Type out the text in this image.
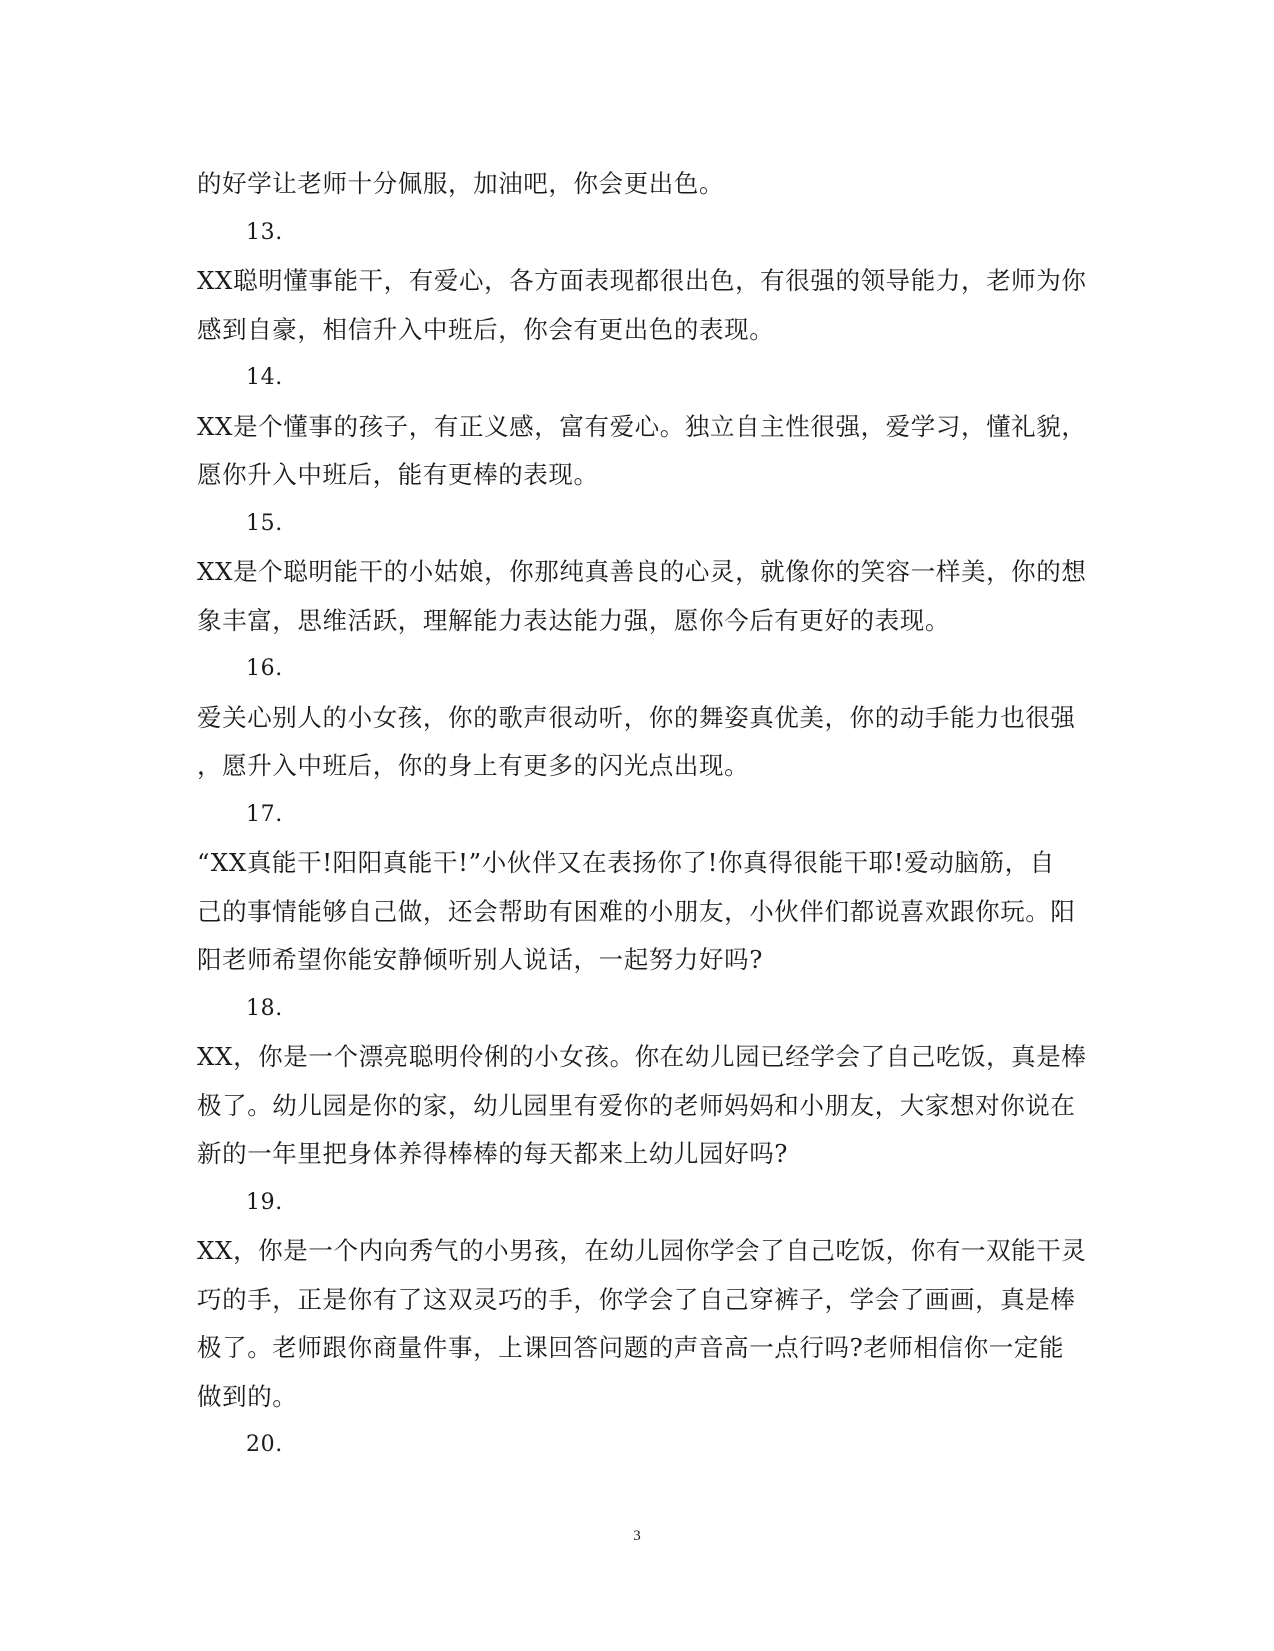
的好学让老师十分佩服，加油吧，你会更出色。
13.
XX聪明懂事能干，有爱心，各方面表现都很出色，有很强的领导能力，老师为你
感到自豪，相信升入中班后，你会有更出色的表现。
14.
XX是个懂事的孩子，有正义感，富有爱心。独立自主性很强，爱学习，懂礼貌，
愿你升入中班后，能有更棒的表现。
15.
XX是个聪明能干的小姑娘，你那纯真善良的心灵，就像你的笑容一样美，你的想
象丰富，思维活跃，理解能力表达能力强，愿你今后有更好的表现。
16.
爱关心别人的小女孩，你的歌声很动听，你的舞姿真优美，你的动手能力也很强
，愿升入中班后，你的身上有更多的闪光点出现。
17.
“XX真能干!阳阳真能干!”小伙伴又在表扬你了!你真得很能干耶!爱动脑筋，自
己的事情能够自己做，还会帮助有困难的小朋友，小伙伴们都说喜欢跟你玩。阳
阳老师希望你能安静倾听别人说话，一起努力好吗?
18.
XX，你是一个漂亮聪明伶俐的小女孩。你在幼儿园已经学会了自己吃饭，真是棒
极了。幼儿园是你的家，幼儿园里有爱你的老师妈妈和小朋友，大家想对你说在
新的一年里把身体养得棒棒的每天都来上幼儿园好吗?
19.
XX，你是一个内向秀气的小男孩，在幼儿园你学会了自己吃饭，你有一双能干灵
巧的手，正是你有了这双灵巧的手，你学会了自己穿裤子，学会了画画，真是棒
极了。老师跟你商量件事，上课回答问题的声音高一点行吗?老师相信你一定能
做到的。
20.
3
